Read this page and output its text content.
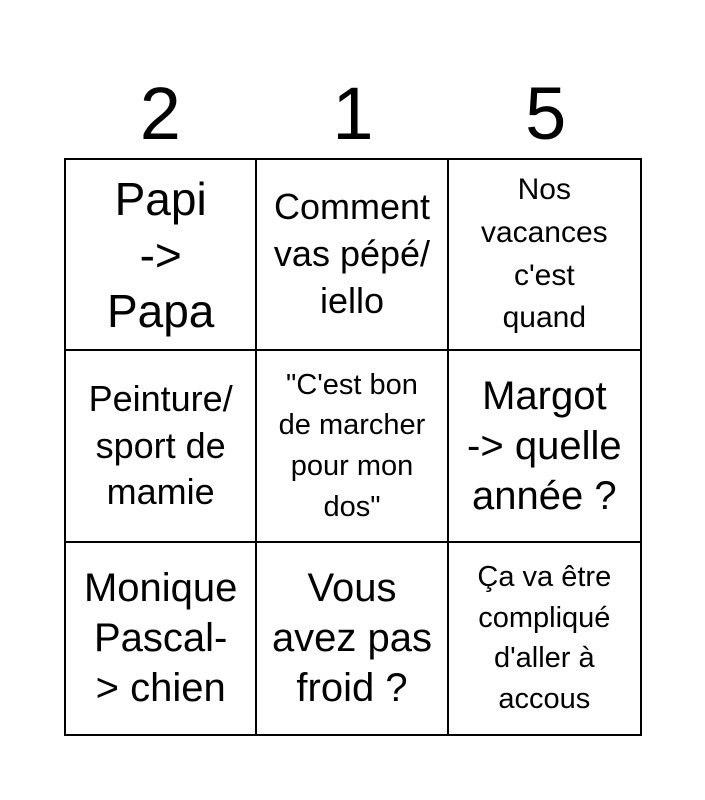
2	1	5
Papi
->
Papa
Comment
vas pépé/
iello
Nos
vacances
c'est
quand
Peinture/
sport de
mamie
"C'est bon
de marcher
pour mon
dos"
Margot
-> quelle
année ?
Monique
Pascal-
> chien
Vous
avez pas
froid ?
Ça va être
compliqué
d'aller à
accous
